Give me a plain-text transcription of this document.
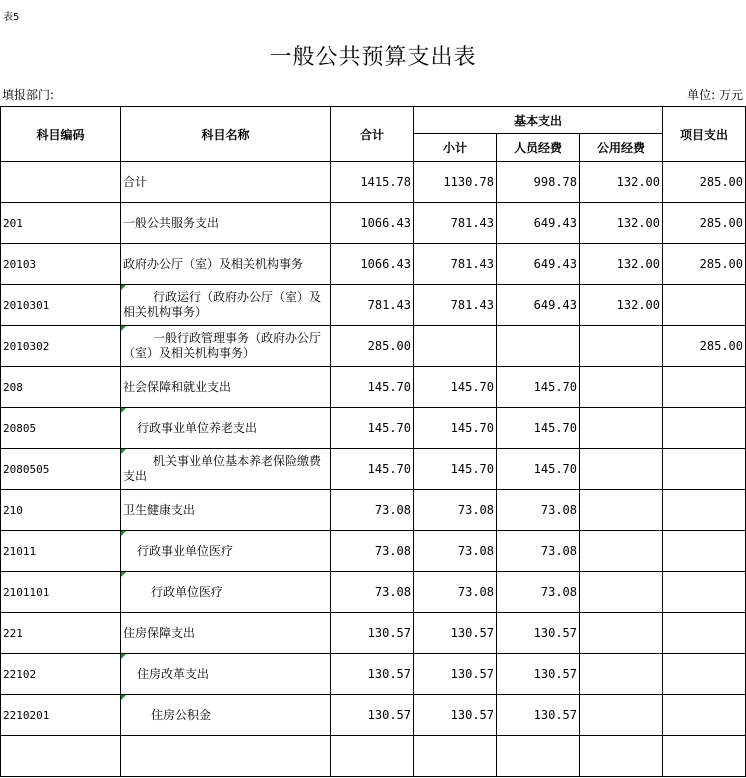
表5
一般公共预算支出表
填报部门:	单位: 万元
科目编码	科目名称	合计	基本支出			项目支出
			小计	人员经费	公用经费	
	合计	1415.78	1130.78	998.78	132.00	285.00
201	一般公共服务支出	1066.43	781.43	649.43	132.00	285.00
20103	政府办公厅（室）及相关机构事务	1066.43	781.43	649.43	132.00	285.00
2010301	行政运行（政府办公厅（室）及相关机构事务）	781.43	781.43	649.43	132.00	
2010302	一般行政管理事务（政府办公厅（室）及相关机构事务）	285.00				285.00
208	社会保障和就业支出	145.70	145.70	145.70		
20805	行政事业单位养老支出	145.70	145.70	145.70		
2080505	机关事业单位基本养老保险缴费支出	145.70	145.70	145.70		
210	卫生健康支出	73.08	73.08	73.08		
21011	行政事业单位医疗	73.08	73.08	73.08		
2101101	行政单位医疗	73.08	73.08	73.08		
221	住房保障支出	130.57	130.57	130.57		
22102	住房改革支出	130.57	130.57	130.57		
2210201	住房公积金	130.57	130.57	130.57		
